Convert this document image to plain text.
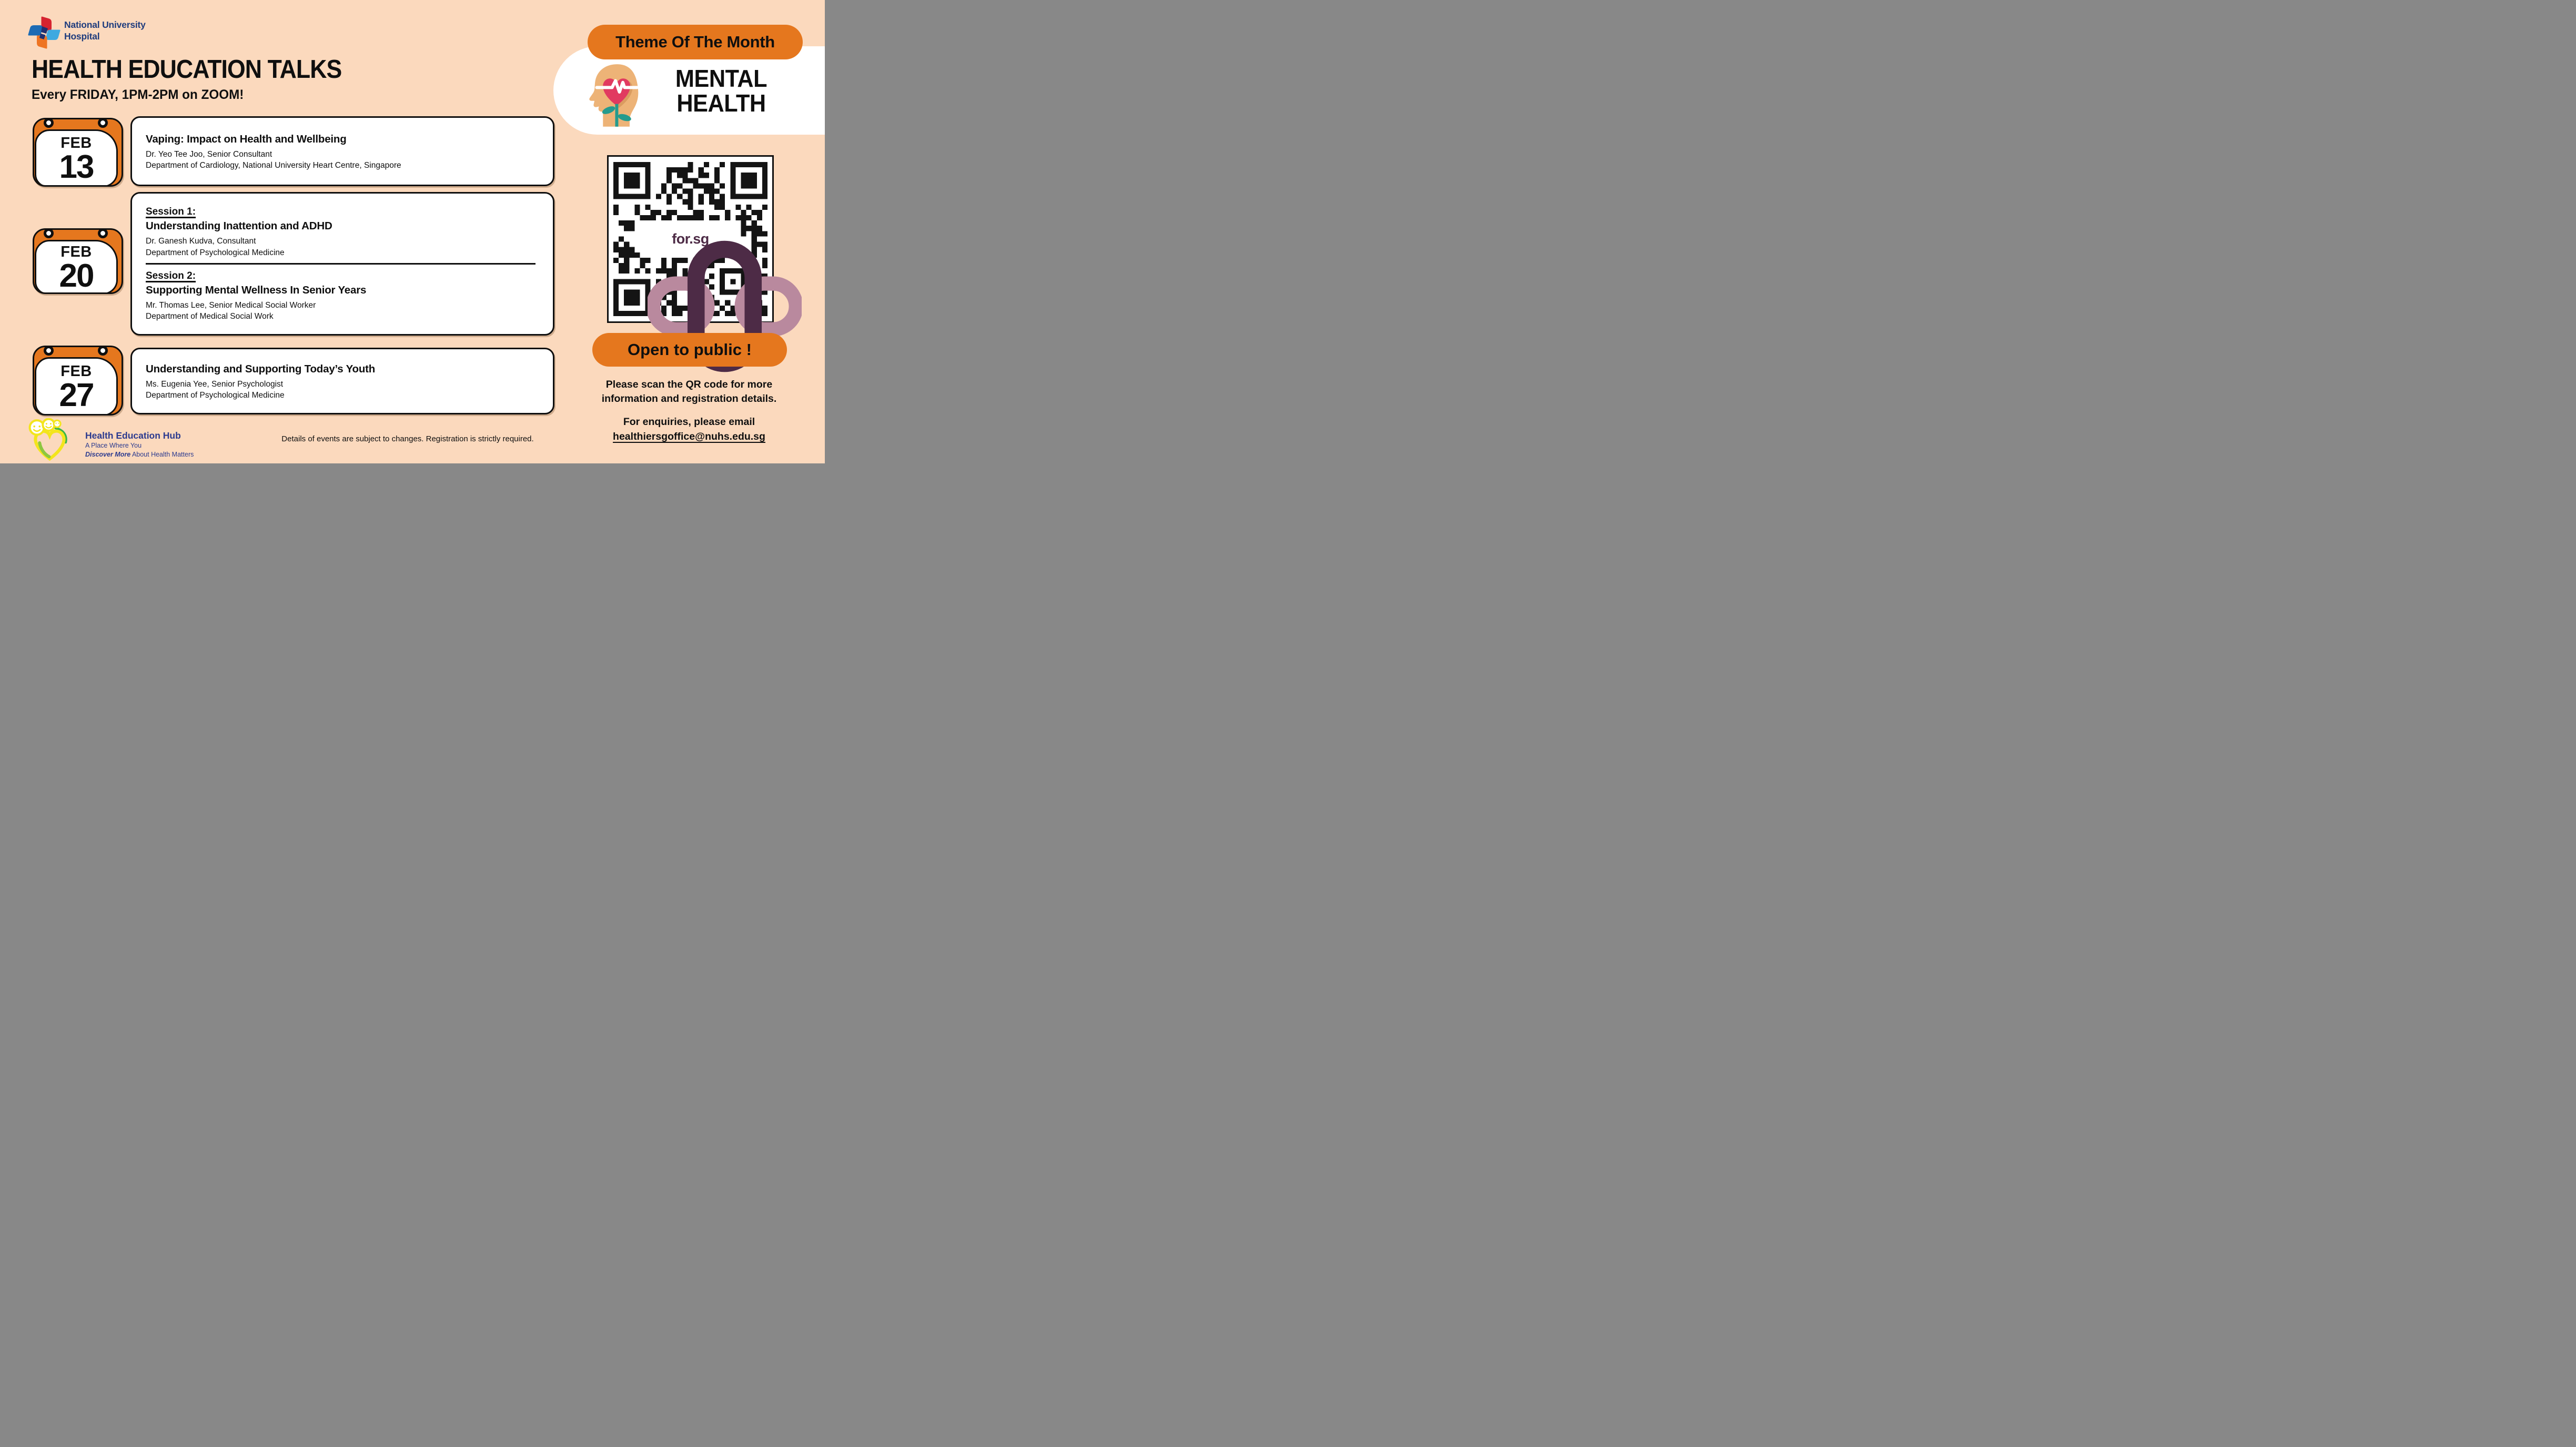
Theme Of The Month
MENTAL
HEALTH
for.sg
Open to public !
Please scan the QR code for more
information and registration details.
For enquiries, please email
healthiersgoffice@nuhs.edu.sg
National University
Hospital
HEALTH EDUCATION TALKS
Every FRIDAY, 1PM-2PM on ZOOM!
FEB
13
FEB
20
FEB
27
Vaping: Impact on Health and Wellbeing
Dr. Yeo Tee Joo, Senior Consultant
Department of Cardiology, National University Heart Centre, Singapore
Session 1:
Understanding Inattention and ADHD
Dr. Ganesh Kudva, Consultant
Department of Psychological Medicine
Session 2:
Supporting Mental Wellness In Senior Years
Mr. Thomas Lee, Senior Medical Social Worker
Department of Medical Social Work
Understanding and Supporting Today’s Youth
Ms. Eugenia Yee, Senior Psychologist
Department of Psychological Medicine
Health Education Hub
A Place Where You
Discover More About Health Matters
Details of events are subject to changes. Registration is strictly required.
